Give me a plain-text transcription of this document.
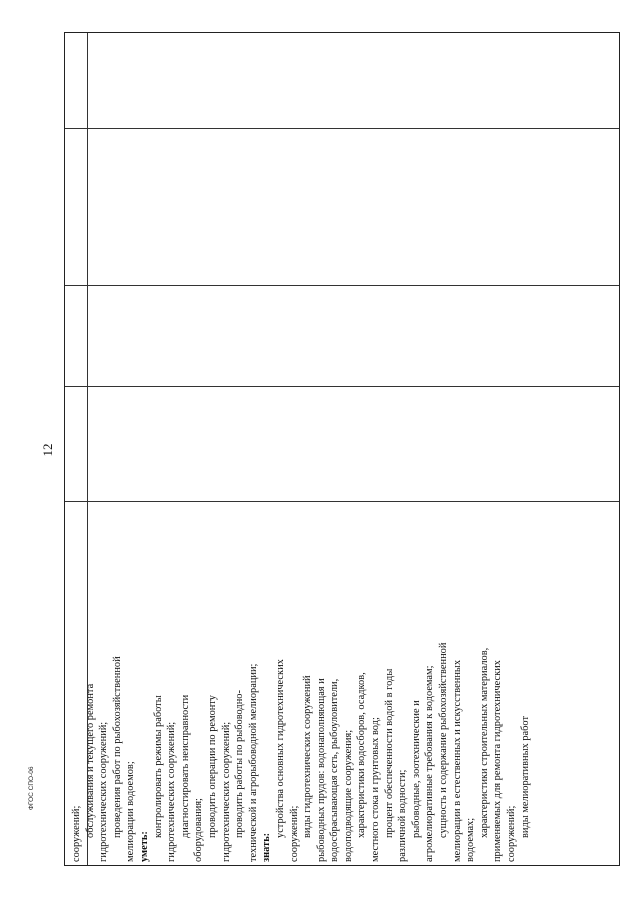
12
ФГОС СПО-06
сооружений; обслуживания и текущего ремонта гидротехнических сооружений; проведения работ по рыбохозяйственной мелиорации водоемов; уметь:
контролировать режимы работы гидротехнических сооружений; диагностировать неисправности оборудования; проводить операции по ремонту гидротехнических сооружений; проводить работы по рыбоводно- технической и агрорыбоводной мелиорации; знать:
устройства основных гидротехнических сооружений; виды гидротехнических сооружений рыбоводных прудов: водонаполняющая и водосбрасывающая сеть, рыбоуловители, водоподводящие сооружения; характеристики водосборов, осадков, местного стока и грунтовых вод; процент обеспеченности водой в годы различной водности; рыбоводные, зоотехнические и агромелиоративные требования к водоемам; сущность и содержание рыбохозяйственной мелиорации в естественных и искусственных водоемах;
характеристики строительных материалов, применяемых для ремонта гидротехнических сооружений; виды мелиоративных работ
